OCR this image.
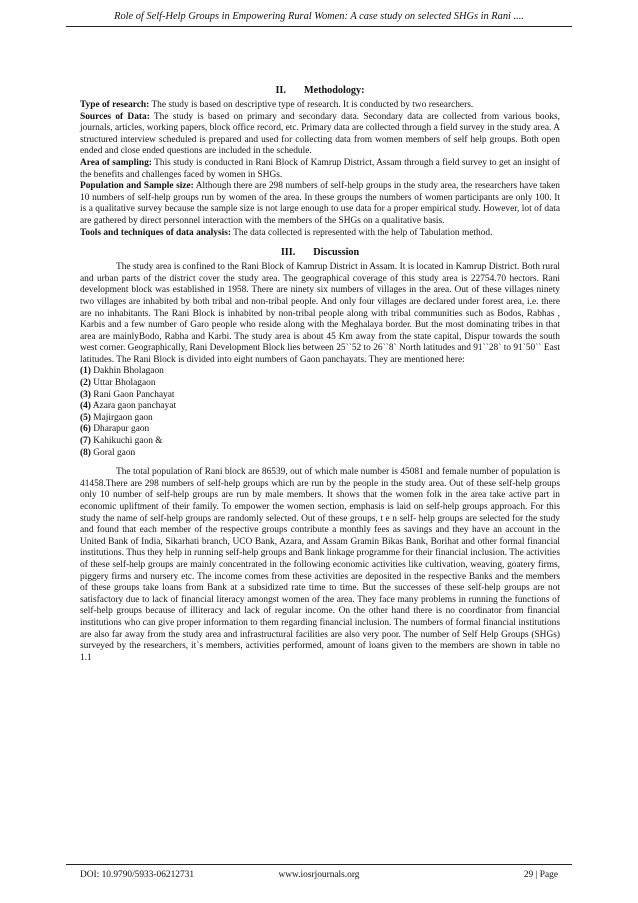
Role of Self-Help Groups in Empowering Rural Women: A case study on selected SHGs in Rani ....
II. Methodology:

Type of research: The study is based on descriptive type of research. It is conducted by two researchers.

Sources of Data: The study is based on primary and secondary data. Secondary data are collected from various books, journals, articles, working papers, block office record, etc. Primary data are collected through a field survey in the study area. A structured interview scheduled is prepared and used for collecting data from women members of self help groups. Both open ended and close ended questions are included in the schedule.

Area of sampling: This study is conducted in Rani Block of Kamrup District, Assam through a field survey to get an insight of the benefits and challenges faced by women in SHGs.

Population and Sample size: Although there are 298 numbers of self-help groups in the study area, the researchers have taken 10 numbers of self-help groups run by women of the area. In these groups the numbers of women participants are only 100. It is a qualitative survey because the sample size is not large enough to use data for a proper empirical study. However, lot of data are gathered by direct personnel interaction with the members of the SHGs on a qualitative basis.

Tools and techniques of data analysis: The data collected is represented with the help of Tabulation method.

III. Discussion

The study area is confined to the Rani Block of Kamrup District in Assam. It is located in Kamrup District. Both rural and urban parts of the district cover the study area. The geographical coverage of this study area is 22754.70 hectors. Rani development block was established in 1958. There are ninety six numbers of villages in the area. Out of these villages ninety two villages are inhabited by both tribal and non-tribal people. And only four villages are declared under forest area, i.e. there are no inhabitants. The Rani Block is inhabited by non-tribal people along with tribal communities such as Bodos, Rabhas , Karbis and a few number of Garo people who reside along with the Meghalaya border. But the most dominating tribes in that area are mainlyBodo, Rabha and Karbi. The study area is about 45 Km away from the state capital, Dispur towards the south west corner. Geographically, Rani Development Block lies between 25``52 to 26``8` North latitudes and 91``28` to 91`50`` East latitudes. The Rani Block is divided into eight numbers of Gaon panchayats. They are mentioned here:

(1) Dakhin Bholagaon
(2) Uttar Bholagaon
(3) Rani Gaon Panchayat
(4) Azara gaon panchayat
(5) Majirgaon gaon
(6) Dharapur gaon
(7) Kahikuchi gaon &
(8) Goral gaon

The total population of Rani block are 86539, out of which male number is 45081 and female number of population is 41458.There are 298 numbers of self-help groups which are run by the people in the study area. Out of these self-help groups only 10 number of self-help groups are run by male members. It shows that the women folk in the area take active part in economic upliftment of their family. To empower the women section, emphasis is laid on self-help groups approach. For this study the name of self-help groups are randomly selected. Out of these groups, t e n self- help groups are selected for the study and found that each member of the respective groups contribute a monthly fees as savings and they have an account in the United Bank of India, Sikarhati branch, UCO Bank, Azara, and Assam Gramin Bikas Bank, Borihat and other formal financial institutions. Thus they help in running self-help groups and Bank linkage programme for their financial inclusion. The activities of these self-help groups are mainly concentrated in the following economic activities like cultivation, weaving, goatery firms, piggery firms and nursery etc. The income comes from these activities are deposited in the respective Banks and the members of these groups take loans from Bank at a subsidized rate time to time. But the successes of these self-help groups are not satisfactory due to lack of financial literacy amongst women of the area. They face many problems in running the functions of self-help groups because of illiteracy and lack of regular income. On the other hand there is no coordinator from financial institutions who can give proper information to them regarding financial inclusion. The numbers of formal financial institutions are also far away from the study area and infrastructural facilities are also very poor. The number of Self Help Groups (SHGs) surveyed by the researchers, it`s members, activities performed, amount of loans given to the members are shown in table no 1.1

DOI: 10.9790/5933-06212731	www.iosrjournals.org	29 | Page
